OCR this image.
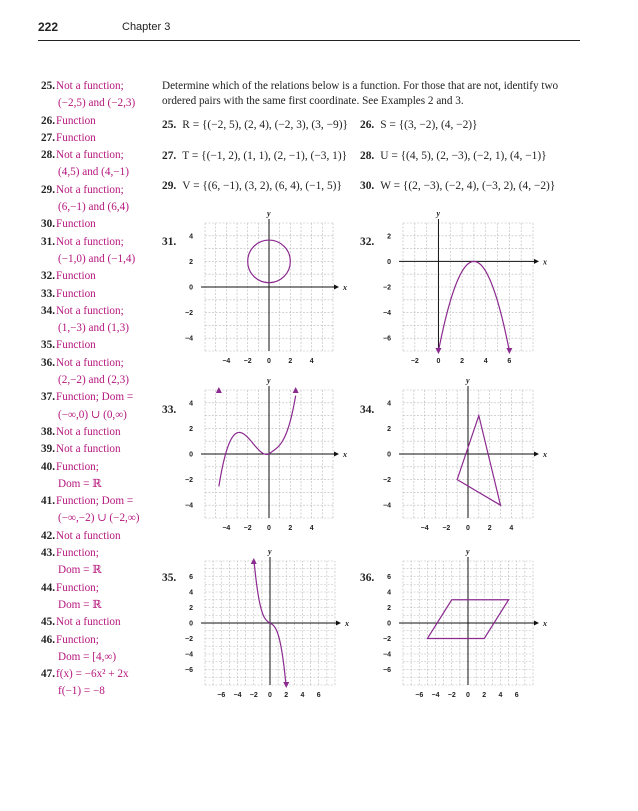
222	Chapter 3
25. Not a function;
(−2,5) and (−2,3)
26. Function
27. Function
28. Not a function;
(4,5) and (4,−1)
29. Not a function;
(6,−1) and (6,4)
30. Function
31. Not a function;
(−1,0) and (−1,4)
32. Function
33. Function
34. Not a function;
(1,−3) and (1,3)
35. Function
36. Not a function;
(2,−2) and (2,3)
37. Function; Dom =
(−∞,0) ∪ (0,∞)
38. Not a function
39. Not a function
40. Function;
Dom = ℝ
41. Function; Dom =
(−∞,−2) ∪ (−2,∞)
42. Not a function
43. Function;
Dom = ℝ
44. Function;
Dom = ℝ
45. Not a function
46. Function;
Dom = [4,∞)
47. f(x) = −6x² + 2x
f(−1) = −8
Determine which of the relations below is a function. For those that are not, identify two ordered pairs with the same first coordinate. See Examples 2 and 3.
25. R = {(−2, 5), (2, 4), (−2, 3), (3, −9)} 26. S = {(3, −2), (4, −2)}
27. T = {(−1, 2), (1, 1), (2, −1), (−3, 1)} 28. U = {(4, 5), (2, −3), (−2, 1), (4, −1)}
29. V = {(6, −1), (3, 2), (6, 4), (−1, 5)} 30. W = {(2, −3), (−2, 4), (−3, 2), (4, −2)}
31.	32.
33.	34.
35.	36.
x
y
−4 −2 0 2 4
4
2
0
−2
−4
x
y
−2	0	2	4	6
2
0
−2
−4
−6
x
y
−4 −2 0 2 4
4
2
0
−2
−4
x
y
−4 −2 0	2	4
4
2
0
−2
−4
x
y
−6 −4 −2 0 2 4 6
6
4
2
0
−2
−4
−6
x
y
−6 −4 −2 0 2 4 6
6
4
2
0
−2
−4
−6
